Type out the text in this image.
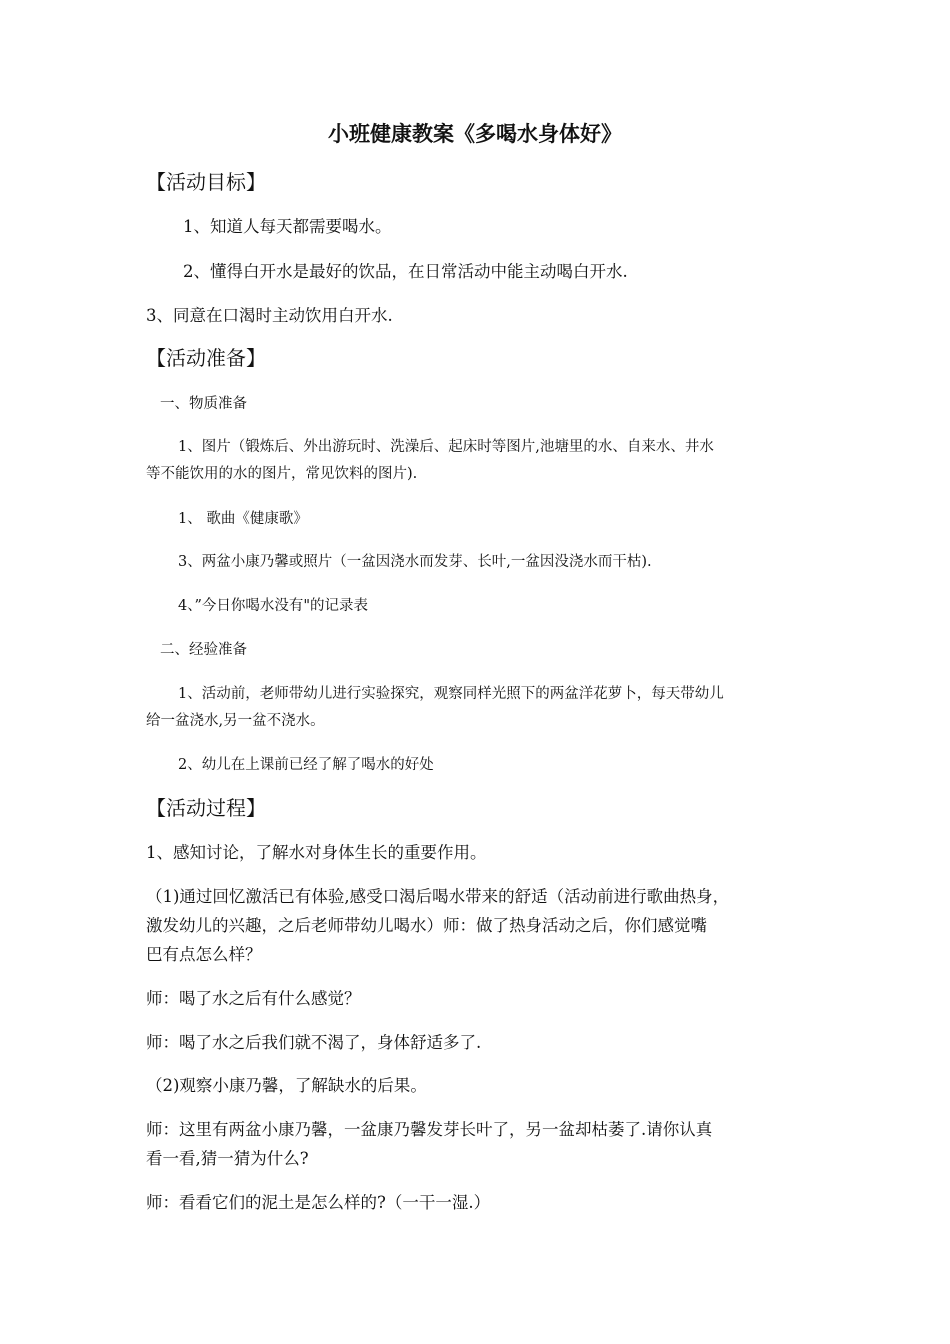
小班健康教案《多喝水身体好》
【活动目标】
1、知道人每天都需要喝水。
2、懂得白开水是最好的饮品，在日常活动中能主动喝白开水.
3、同意在口渴时主动饮用白开水.
【活动准备】
一、物质准备
1、图片（锻炼后、外出游玩时、洗澡后、起床时等图片,池塘里的水、自来水、井水
等不能饮用的水的图片，常见饮料的图片).
1、 歌曲《健康歌》
3、两盆小康乃馨或照片（一盆因浇水而发芽、长叶,一盆因没浇水而干枯).
4、”今日你喝水没有"的记录表
二、经验准备
1、活动前，老师带幼儿进行实验探究，观察同样光照下的两盆洋花萝卜，每天带幼儿
给一盆浇水,另一盆不浇水。
2、幼儿在上课前已经了解了喝水的好处
【活动过程】
1、感知讨论，了解水对身体生长的重要作用。
（1)通过回忆激活已有体验,感受口渴后喝水带来的舒适（活动前进行歌曲热身，
激发幼儿的兴趣，之后老师带幼儿喝水）师：做了热身活动之后，你们感觉嘴
巴有点怎么样？
师：喝了水之后有什么感觉？
师：喝了水之后我们就不渴了，身体舒适多了.
（2)观察小康乃馨，了解缺水的后果。
师：这里有两盆小康乃馨，一盆康乃馨发芽长叶了，另一盆却枯萎了.请你认真
看一看,猜一猜为什么?
师：看看它们的泥土是怎么样的?（一干一湿.）
